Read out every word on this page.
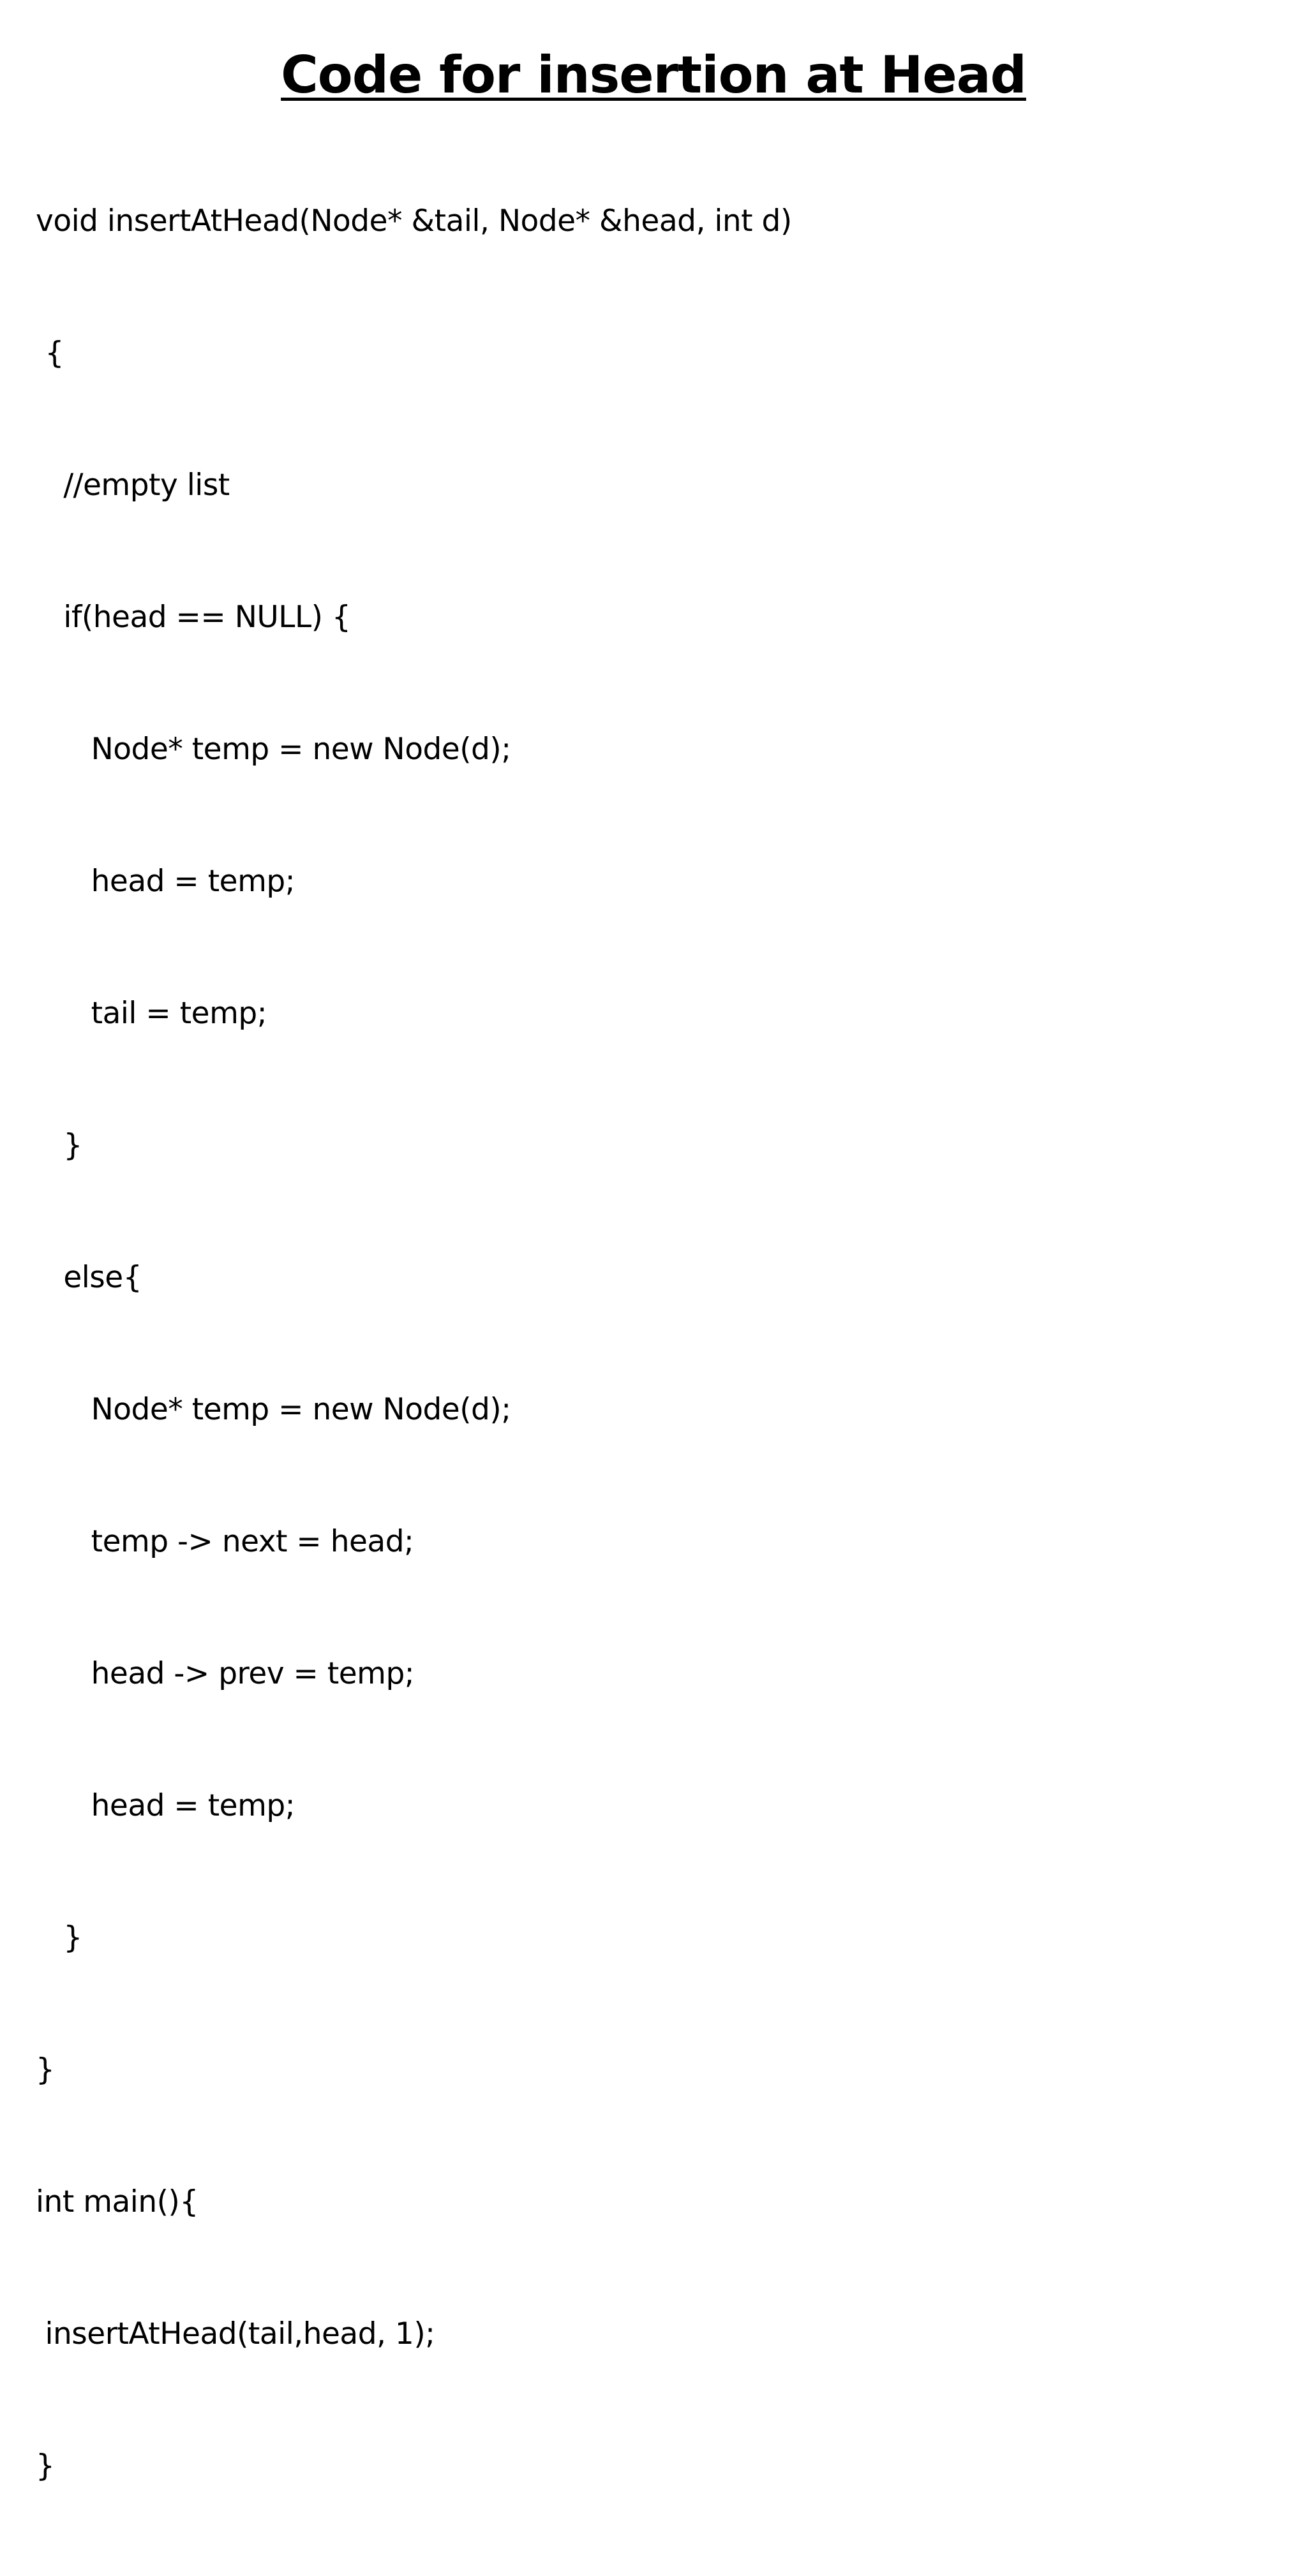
Code for insertion at Head

void insertAtHead(Node* &tail, Node* &head, int d)

{

//empty list

if(head == NULL) {

Node* temp = new Node(d);

head = temp;

tail = temp;

}

else{

Node* temp = new Node(d);

temp -> next = head;

head -> prev = temp;

head = temp;

}

}

int main(){

insertAtHead(tail,head, 1);

}
